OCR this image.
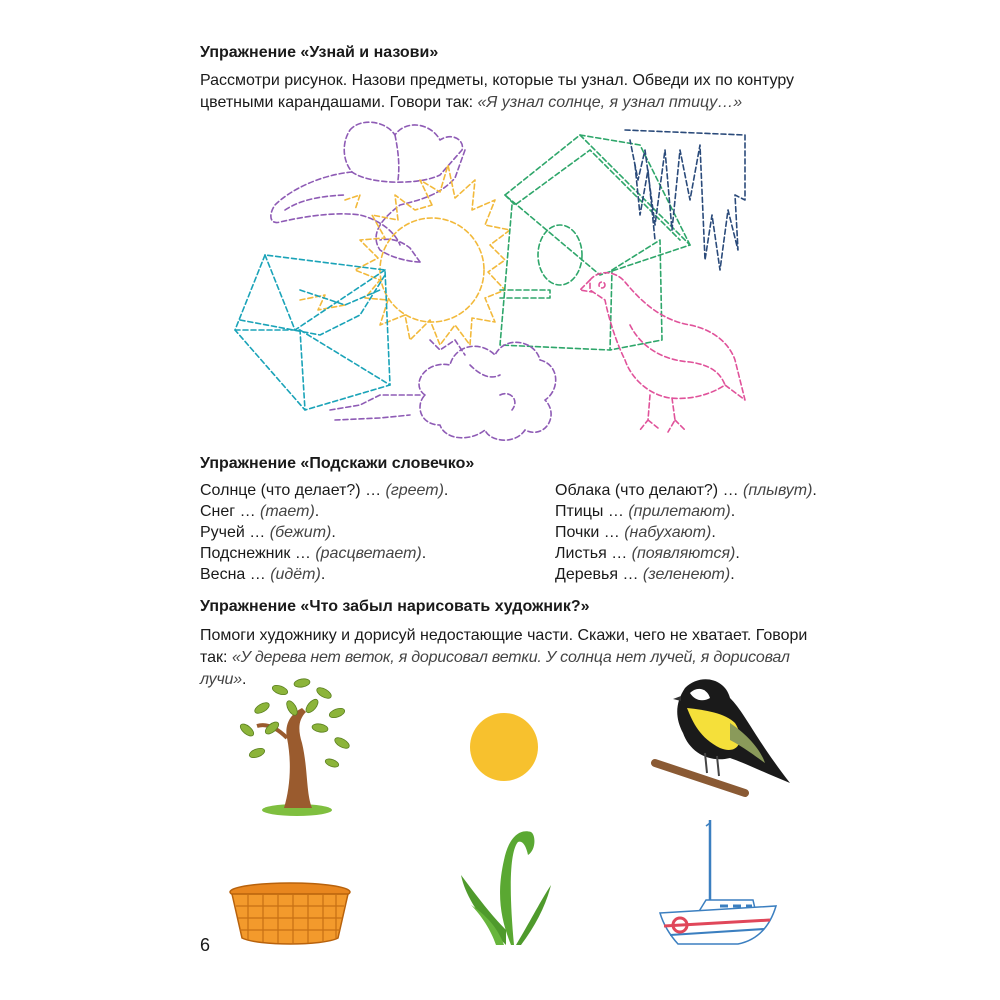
Упражнение «Узнай и назови»
Рассмотри рисунок. Назови предметы, которые ты узнал. Обведи их по контуру
цветными карандашами. Говори так: «Я узнал солнце, я узнал птицу…»
Упражнение «Подскажи словечко»
Солнце (что делает?) … (греет).
Снег … (тает).
Ручей … (бежит).
Подснежник … (расцветает).
Весна … (идёт).
Облака (что делают?) … (плывут).
Птицы … (прилетают).
Почки … (набухают).
Листья … (появляются).
Деревья … (зеленеют).
Упражнение «Что забыл нарисовать художник?»
Помоги художнику и дорисуй недостающие части. Скажи, чего не хватает. Говори
так: «У дерева нет веток, я дорисовал ветки. У солнца нет лучей, я дорисовал лучи».
6
